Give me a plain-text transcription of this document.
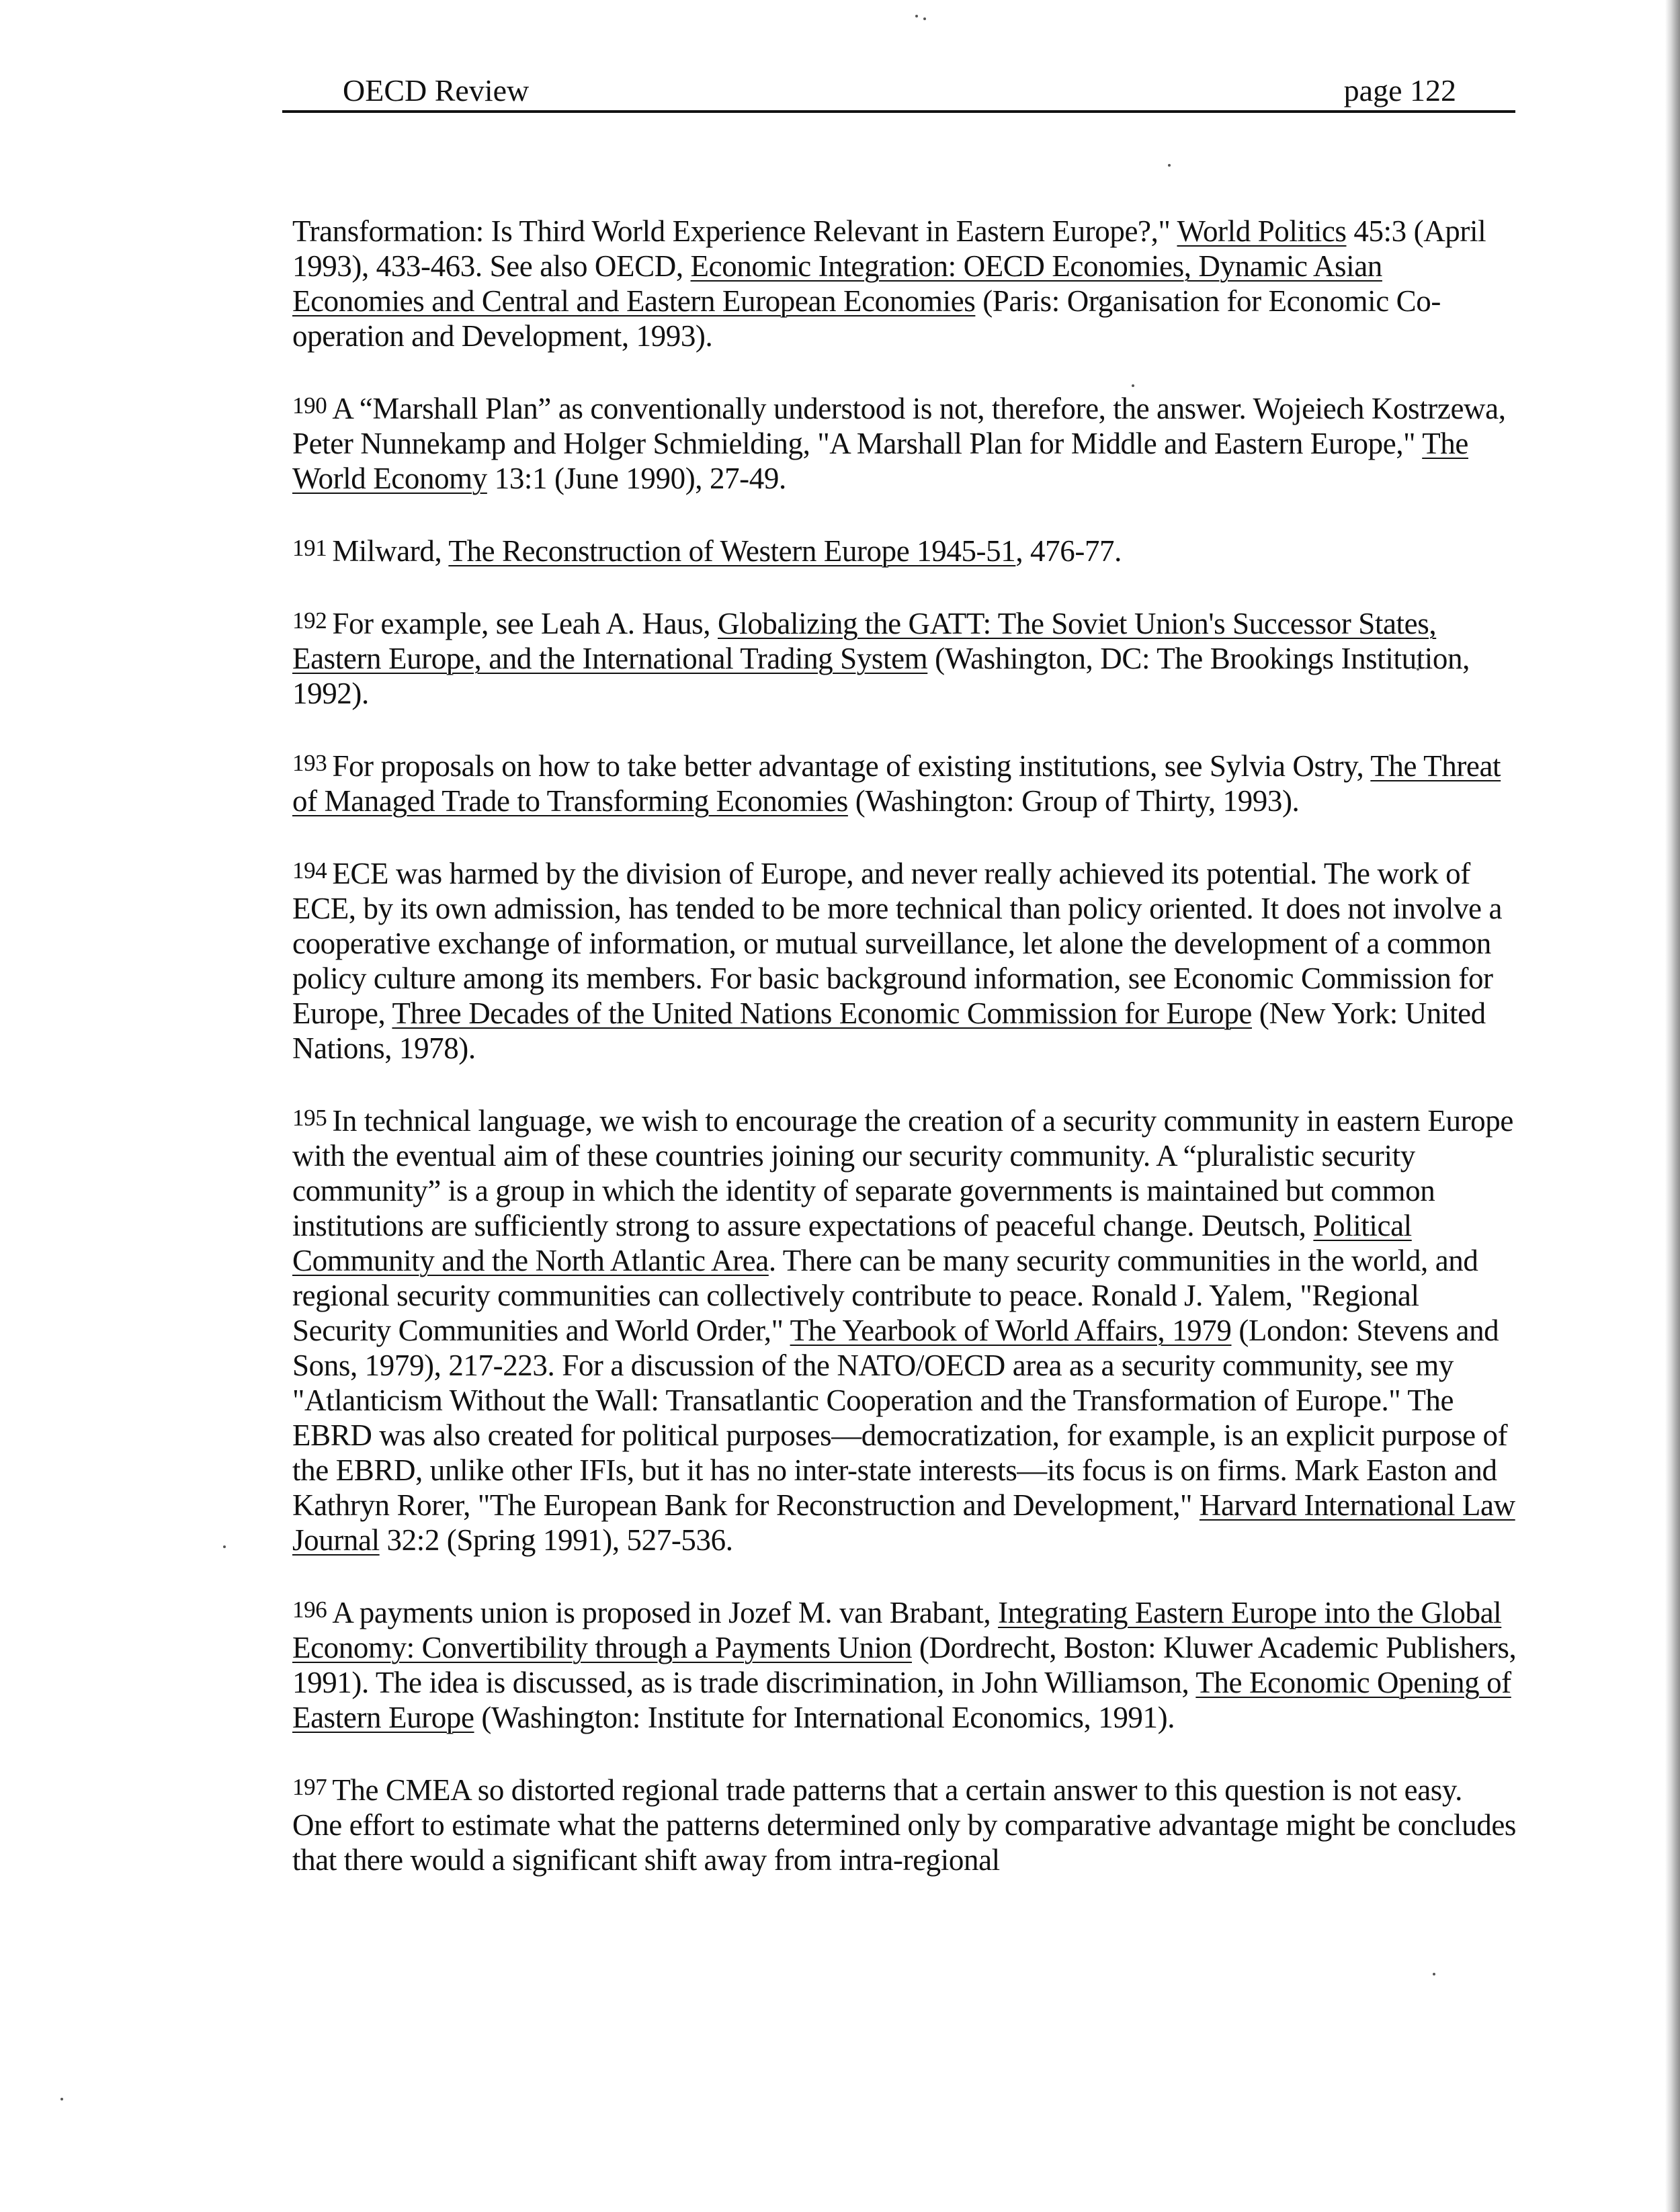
OECD Review	page 122

Transformation: Is Third World Experience Relevant in Eastern Europe?," World Politics 45:3 (April 1993), 433-463. See also OECD, Economic Integration: OECD Economies, Dynamic Asian Economies and Central and Eastern European Economies (Paris: Organisation for Economic Co-operation and Development, 1993).

190 A “Marshall Plan” as conventionally understood is not, therefore, the answer. Wojeiech Kostrzewa, Peter Nunnekamp and Holger Schmielding, "A Marshall Plan for Middle and Eastern Europe," The World Economy 13:1 (June 1990), 27-49.

191 Milward, The Reconstruction of Western Europe 1945-51, 476-77.

192 For example, see Leah A. Haus, Globalizing the GATT: The Soviet Union's Successor States, Eastern Europe, and the International Trading System (Washington, DC: The Brookings Institution, 1992).

193 For proposals on how to take better advantage of existing institutions, see Sylvia Ostry, The Threat of Managed Trade to Transforming Economies (Washington: Group of Thirty, 1993).

194 ECE was harmed by the division of Europe, and never really achieved its potential. The work of ECE, by its own admission, has tended to be more technical than policy oriented. It does not involve a cooperative exchange of information, or mutual surveillance, let alone the development of a common policy culture among its members. For basic background information, see Economic Commission for Europe, Three Decades of the United Nations Economic Commission for Europe (New York: United Nations, 1978).

195 In technical language, we wish to encourage the creation of a security community in eastern Europe with the eventual aim of these countries joining our security community. A “pluralistic security community” is a group in which the identity of separate governments is maintained but common institutions are sufficiently strong to assure expectations of peaceful change. Deutsch, Political Community and the North Atlantic Area. There can be many security communities in the world, and regional security communities can collectively contribute to peace. Ronald J. Yalem, "Regional Security Communities and World Order," The Yearbook of World Affairs, 1979 (London: Stevens and Sons, 1979), 217-223. For a discussion of the NATO/OECD area as a security community, see my "Atlanticism Without the Wall: Transatlantic Cooperation and the Transformation of Europe." The EBRD was also created for political purposes—democratization, for example, is an explicit purpose of the EBRD, unlike other IFIs, but it has no inter-state interests—its focus is on firms. Mark Easton and Kathryn Rorer, "The European Bank for Reconstruction and Development," Harvard International Law Journal 32:2 (Spring 1991), 527-536.

196 A payments union is proposed in Jozef M. van Brabant, Integrating Eastern Europe into the Global Economy: Convertibility through a Payments Union (Dordrecht, Boston: Kluwer Academic Publishers, 1991). The idea is discussed, as is trade discrimination, in John Williamson, The Economic Opening of Eastern Europe (Washington: Institute for International Economics, 1991).

197 The CMEA so distorted regional trade patterns that a certain answer to this question is not easy. One effort to estimate what the patterns determined only by comparative advantage might be concludes that there would a significant shift away from intra-regional
